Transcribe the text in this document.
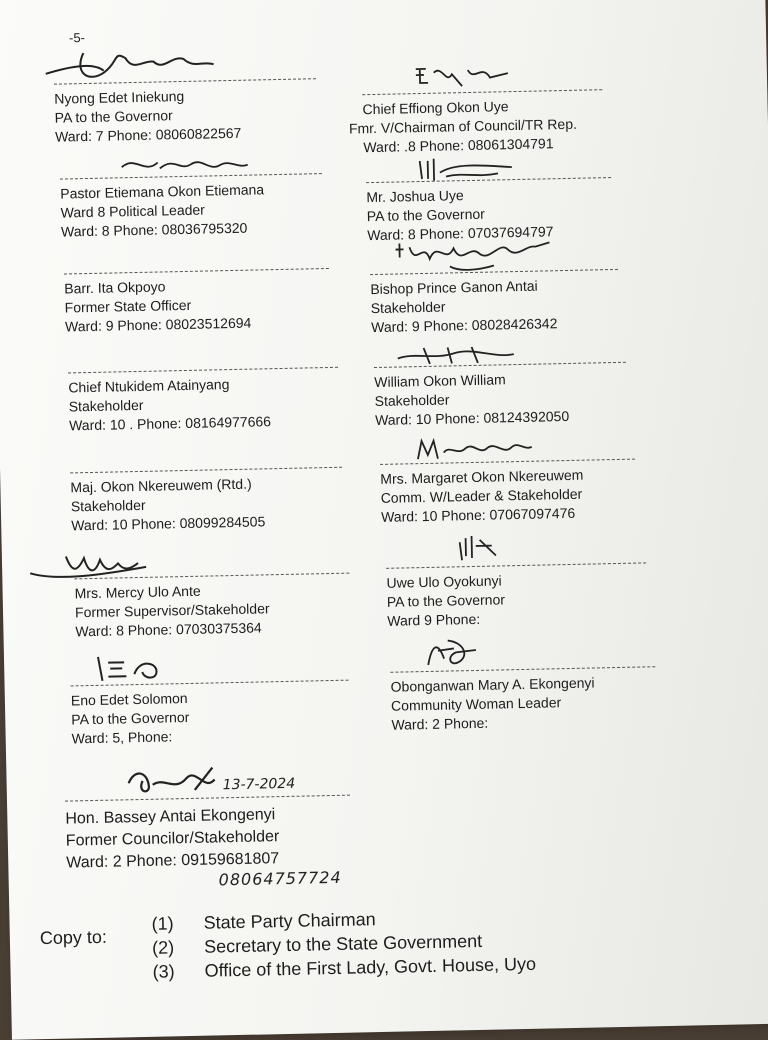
-5-
Nyong Edet Iniekung
PA to the Governor
Ward: 7 Phone: 08060822567
Pastor Etiemana Okon Etiemana
Ward 8 Political Leader
Ward: 8 Phone: 08036795320
Barr. Ita Okpoyo
Former State Officer
Ward: 9 Phone: 08023512694
Chief Ntukidem Atainyang
Stakeholder
Ward: 10 . Phone: 08164977666
Maj. Okon Nkereuwem (Rtd.)
Stakeholder
Ward: 10 Phone: 08099284505
Mrs. Mercy Ulo Ante
Former Supervisor/Stakeholder
Ward: 8 Phone: 07030375364
Eno Edet Solomon
PA to the Governor
Ward: 5, Phone:
13-7-2024
Hon. Bassey Antai Ekongenyi
Former Councilor/Stakeholder
Ward: 2 Phone: 09159681807
08064757724
Chief Effiong Okon Uye
Fmr. V/Chairman of Council/TR Rep.
Ward: .8 Phone: 08061304791
Mr. Joshua Uye
PA to the Governor
Ward: 8 Phone: 07037694797
Bishop Prince Ganon Antai
Stakeholder
Ward: 9 Phone: 08028426342
William Okon William
Stakeholder
Ward: 10 Phone: 08124392050
Mrs. Margaret Okon Nkereuwem
Comm. W/Leader & Stakeholder
Ward: 10 Phone: 07067097476
Uwe Ulo Oyokunyi
PA to the Governor
Ward 9 Phone:
Obonganwan Mary A. Ekongenyi
Community Woman Leader
Ward: 2 Phone:
Copy to:
(1) State Party Chairman
(2) Secretary to the State Government
(3) Office of the First Lady, Govt. House, Uyo
